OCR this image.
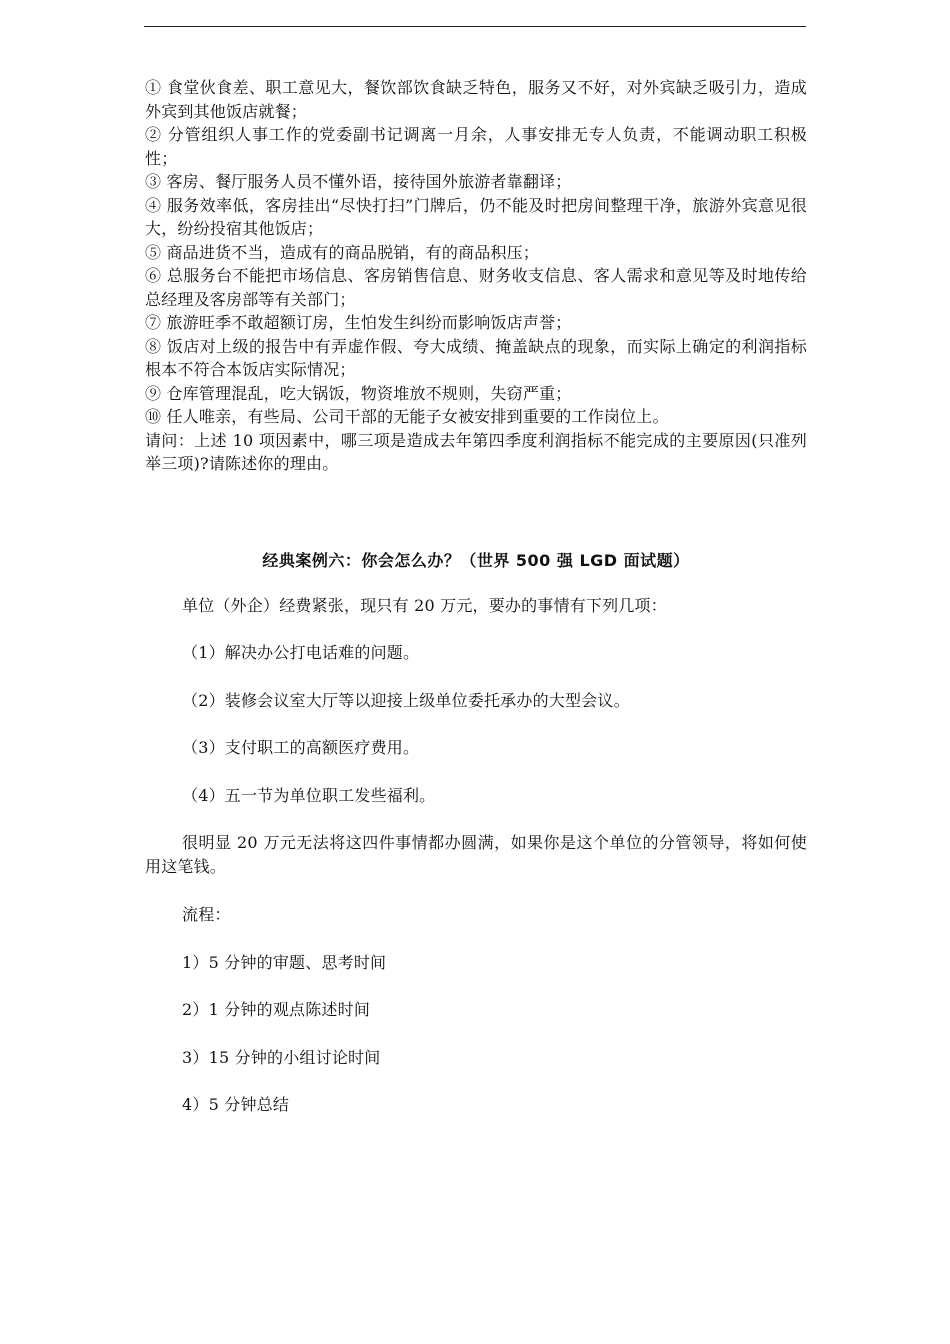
① 食堂伙食差、职工意见大，餐饮部饮食缺乏特色，服务又不好，对外宾缺乏吸引力，造成外宾到其他饭店就餐；

② 分管组织人事工作的党委副书记调离一月余，人事安排无专人负责，不能调动职工积极性；

③ 客房、餐厅服务人员不懂外语，接待国外旅游者靠翻译；

④ 服务效率低，客房挂出“尽快打扫”门牌后，仍不能及时把房间整理干净，旅游外宾意见很大，纷纷投宿其他饭店；

⑤ 商品进货不当，造成有的商品脱销，有的商品积压；

⑥ 总服务台不能把市场信息、客房销售信息、财务收支信息、客人需求和意见等及时地传给总经理及客房部等有关部门；

⑦ 旅游旺季不敢超额订房，生怕发生纠纷而影响饭店声誉；

⑧ 饭店对上级的报告中有弄虚作假、夸大成绩、掩盖缺点的现象，而实际上确定的利润指标根本不符合本饭店实际情况；

⑨ 仓库管理混乱，吃大锅饭，物资堆放不规则，失窃严重；

⑩ 任人唯亲，有些局、公司干部的无能子女被安排到重要的工作岗位上。

请问：上述 10 项因素中，哪三项是造成去年第四季度利润指标不能完成的主要原因(只准列举三项)?请陈述你的理由。

经典案例六：你会怎么办？（世界 500 强 LGD 面试题）

单位（外企）经费紧张，现只有 20 万元，要办的事情有下列几项：

（1）解决办公打电话难的问题。

（2）装修会议室大厅等以迎接上级单位委托承办的大型会议。

（3）支付职工的高额医疗费用。

（4）五一节为单位职工发些福利。

很明显 20 万元无法将这四件事情都办圆满，如果你是这个单位的分管领导，将如何使用这笔钱。

流程：

1）5 分钟的审题、思考时间

2）1 分钟的观点陈述时间

3）15 分钟的小组讨论时间

4）5 分钟总结
